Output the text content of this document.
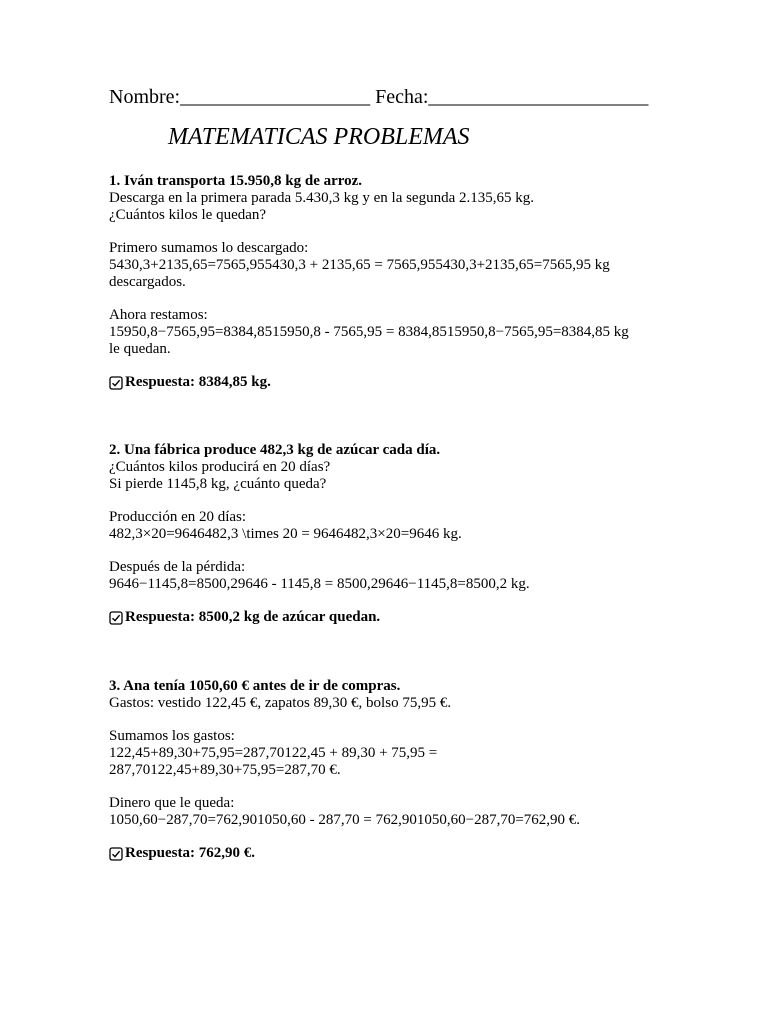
Nombre:___________________ Fecha:______________________
MATEMATICAS PROBLEMAS

1. Iván transporta 15.950,8 kg de arroz.

Descarga en la primera parada 5.430,3 kg y en la segunda 2.135,65 kg.

¿Cuántos kilos le quedan?

Primero sumamos lo descargado:

5430,3+2135,65=7565,955430,3 + 2135,65 = 7565,955430,3+2135,65=7565,95 kg

descargados.

Ahora restamos:

15950,8−7565,95=8384,8515950,8 - 7565,95 = 8384,8515950,8−7565,95=8384,85 kg

le quedan.

Respuesta: 8384,85 kg.

2. Una fábrica produce 482,3 kg de azúcar cada día.

¿Cuántos kilos producirá en 20 días?

Si pierde 1145,8 kg, ¿cuánto queda?

Producción en 20 días:

482,3×20=9646482,3 \times 20 = 9646482,3×20=9646 kg.

Después de la pérdida:

9646−1145,8=8500,29646 - 1145,8 = 8500,29646−1145,8=8500,2 kg.

Respuesta: 8500,2 kg de azúcar quedan.

3. Ana tenía 1050,60 € antes de ir de compras.

Gastos: vestido 122,45 €, zapatos 89,30 €, bolso 75,95 €.

Sumamos los gastos:

122,45+89,30+75,95=287,70122,45 + 89,30 + 75,95 =

287,70122,45+89,30+75,95=287,70 €.

Dinero que le queda:

1050,60−287,70=762,901050,60 - 287,70 = 762,901050,60−287,70=762,90 €.

Respuesta: 762,90 €.
